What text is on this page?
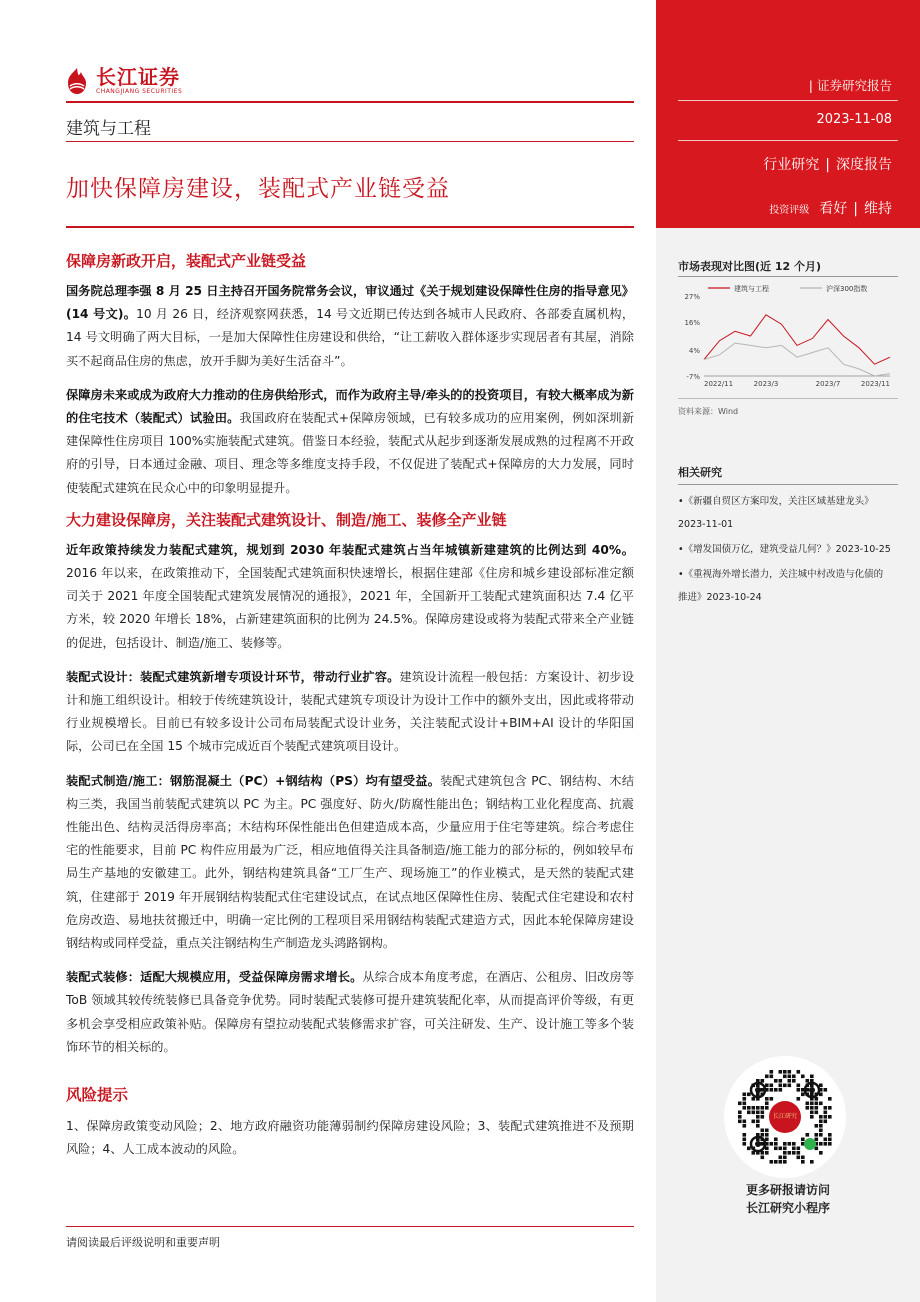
长江证券
CHANGJIANG SECURITIES
建筑与工程
加快保障房建设，装配式产业链受益
保障房新政开启，装配式产业链受益

国务院总理李强 8 月 25 日主持召开国务院常务会议，审议通过《关于规划建设保障性住房的指导意见》(14 号文)。10 月 26 日，经济观察网获悉，14 号文近期已传达到各城市人民政府、各部委直属机构，14 号文明确了两大目标，一是加大保障性住房建设和供给，“让工薪收入群体逐步实现居者有其屋，消除买不起商品住房的焦虑，放开手脚为美好生活奋斗”。

保障房未来或成为政府大力推动的住房供给形式，而作为政府主导/牵头的的投资项目，有较大概率成为新的住宅技术（装配式）试验田。我国政府在装配式+保障房领域，已有较多成功的应用案例，例如深圳新建保障性住房项目 100%实施装配式建筑。借鉴日本经验，装配式从起步到逐渐发展成熟的过程离不开政府的引导，日本通过金融、项目、理念等多维度支持手段，不仅促进了装配式+保障房的大力发展，同时使装配式建筑在民众心中的印象明显提升。

大力建设保障房，关注装配式建筑设计、制造/施工、装修全产业链

近年政策持续发力装配式建筑，规划到 2030 年装配式建筑占当年城镇新建建筑的比例达到 40%。2016 年以来，在政策推动下，全国装配式建筑面积快速增长，根据住建部《住房和城乡建设部标准定额司关于 2021 年度全国装配式建筑发展情况的通报》，2021 年，全国新开工装配式建筑面积达 7.4 亿平方米，较 2020 年增长 18%，占新建建筑面积的比例为 24.5%。保障房建设或将为装配式带来全产业链的促进，包括设计、制造/施工、装修等。

装配式设计：装配式建筑新增专项设计环节，带动行业扩容。建筑设计流程一般包括：方案设计、初步设计和施工组织设计。相较于传统建筑设计，装配式建筑专项设计为设计工作中的额外支出，因此或将带动行业规模增长。目前已有较多设计公司布局装配式设计业务，关注装配式设计+BIM+AI 设计的华阳国际，公司已在全国 15 个城市完成近百个装配式建筑项目设计。

装配式制造/施工：钢筋混凝土（PC）+钢结构（PS）均有望受益。装配式建筑包含 PC、钢结构、木结构三类，我国当前装配式建筑以 PC 为主。PC 强度好、防火/防腐性能出色；钢结构工业化程度高、抗震性能出色、结构灵活得房率高；木结构环保性能出色但建造成本高，少量应用于住宅等建筑。综合考虑住宅的性能要求，目前 PC 构件应用最为广泛，相应地值得关注具备制造/施工能力的部分标的，例如较早布局生产基地的安徽建工。此外，钢结构建筑具备“工厂生产、现场施工”的作业模式，是天然的装配式建筑，住建部于 2019 年开展钢结构装配式住宅建设试点，在试点地区保障性住房、装配式住宅建设和农村危房改造、易地扶贫搬迁中，明确一定比例的工程项目采用钢结构装配式建造方式，因此本轮保障房建设钢结构或同样受益，重点关注钢结构生产制造龙头鸿路钢构。

装配式装修：适配大规模应用，受益保障房需求增长。从综合成本角度考虑，在酒店、公租房、旧改房等 ToB 领域其较传统装修已具备竞争优势。同时装配式装修可提升建筑装配化率，从而提高评价等级，有更多机会享受相应政策补贴。保障房有望拉动装配式装修需求扩容，可关注研发、生产、设计施工等多个装饰环节的相关标的。

风险提示

1、保障房政策变动风险；2、地方政府融资功能薄弱制约保障房建设风险；3、装配式建筑推进不及预期风险；4、人工成本波动的风险。

请阅读最后评级说明和重要声明
| 证券研究报告
2023-11-08
行业研究 | 深度报告
投资评级 看好 | 维持
市场表现对比图(近 12 个月)
27%
16%
4%
-7%
2022/11	2023/3	2023/7	2023/11
建筑与工程	沪深300指数
资料来源：Wind
相关研究
•《新疆自贸区方案印发，关注区域基建龙头》
2023-11-01
•《增发国债万亿，建筑受益几何？》2023-10-25
•《重视海外增长潜力，关注城中村改造与化债的
推进》2023-10-24
长江研究
更多研报请访问
长江研究小程序
